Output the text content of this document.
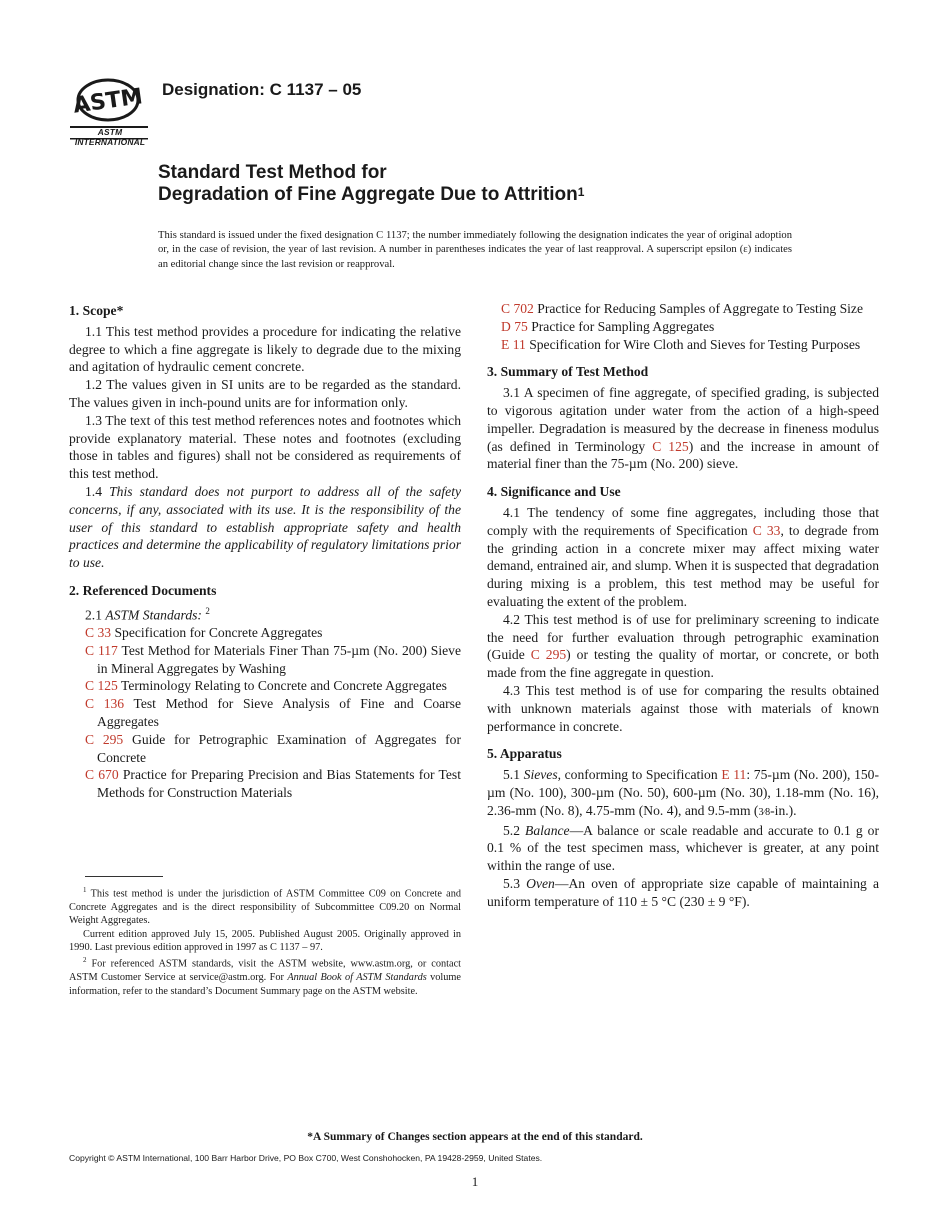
ASTM
ASTM INTERNATIONAL
Designation: C 1137 – 05
Standard Test Method for
Degradation of Fine Aggregate Due to Attrition$^1$
This standard is issued under the fixed designation C 1137; the number immediately following the designation indicates the year of original adoption or, in the case of revision, the year of last revision. A number in parentheses indicates the year of last reapproval. A superscript epsilon (ε) indicates an editorial change since the last revision or reapproval.
1. Scope*

1.1 This test method provides a procedure for indicating the relative degree to which a fine aggregate is likely to degrade due to the mixing and agitation of hydraulic cement concrete.

1.2 The values given in SI units are to be regarded as the standard. The values given in inch-pound units are for information only.

1.3 The text of this test method references notes and footnotes which provide explanatory material. These notes and footnotes (excluding those in tables and figures) shall not be considered as requirements of this test method.

1.4 This standard does not purport to address all of the safety concerns, if any, associated with its use. It is the responsibility of the user of this standard to establish appropriate safety and health practices and determine the applicability of regulatory limitations prior to use.

2. Referenced Documents
2.1 ASTM Standards: $^2$
C 33 Specification for Concrete Aggregates
C 117 Test Method for Materials Finer Than 75-µm (No. 200) Sieve in Mineral Aggregates by Washing
C 125 Terminology Relating to Concrete and Concrete Aggregates
C 136 Test Method for Sieve Analysis of Fine and Coarse Aggregates
C 295 Guide for Petrographic Examination of Aggregates for Concrete
C 670 Practice for Preparing Precision and Bias Statements for Test Methods for Construction Materials

$^1$ This test method is under the jurisdiction of ASTM Committee C09 on Concrete and Concrete Aggregates and is the direct responsibility of Subcommittee C09.20 on Normal Weight Aggregates.

Current edition approved July 15, 2005. Published August 2005. Originally approved in 1990. Last previous edition approved in 1997 as C 1137 – 97.

$^2$ For referenced ASTM standards, visit the ASTM website, www.astm.org, or contact ASTM Customer Service at service@astm.org. For Annual Book of ASTM Standards volume information, refer to the standard’s Document Summary page on the ASTM website.

C 702 Practice for Reducing Samples of Aggregate to Testing Size
D 75 Practice for Sampling Aggregates
E 11 Specification for Wire Cloth and Sieves for Testing Purposes
3. Summary of Test Method

3.1 A specimen of fine aggregate, of specified grading, is subjected to vigorous agitation under water from the action of a high-speed impeller. Degradation is measured by the decrease in fineness modulus (as defined in Terminology C 125) and the increase in amount of material finer than the 75-µm (No. 200) sieve.

4. Significance and Use

4.1 The tendency of some fine aggregates, including those that comply with the requirements of Specification C 33, to degrade from the grinding action in a concrete mixer may affect mixing water demand, entrained air, and slump. When it is suspected that degradation during mixing is a problem, this test method may be useful for evaluating the extent of the problem.

4.2 This test method is of use for preliminary screening to indicate the need for further evaluation through petrographic examination (Guide C 295) or testing the quality of mortar, or concrete, or both made from the fine aggregate in question.

4.3 This test method is of use for comparing the results obtained with unknown materials against those with materials of known performance in concrete.

5. Apparatus

5.1 Sieves, conforming to Specification E 11: 75-µm (No. 200), 150-µm (No. 100), 300-µm (No. 50), 600-µm (No. 30), 1.18-mm (No. 16), 2.36-mm (No. 8), 4.75-mm (No. 4), and 9.5-mm (3⁄8-in.).

5.2 Balance—A balance or scale readable and accurate to 0.1 g or 0.1 % of the test specimen mass, whichever is greater, at any point within the range of use.

5.3 Oven—An oven of appropriate size capable of maintaining a uniform temperature of 110 ± 5 °C (230 ± 9 °F).

*A Summary of Changes section appears at the end of this standard.
Copyright © ASTM International, 100 Barr Harbor Drive, PO Box C700, West Conshohocken, PA 19428-2959, United States.
1
